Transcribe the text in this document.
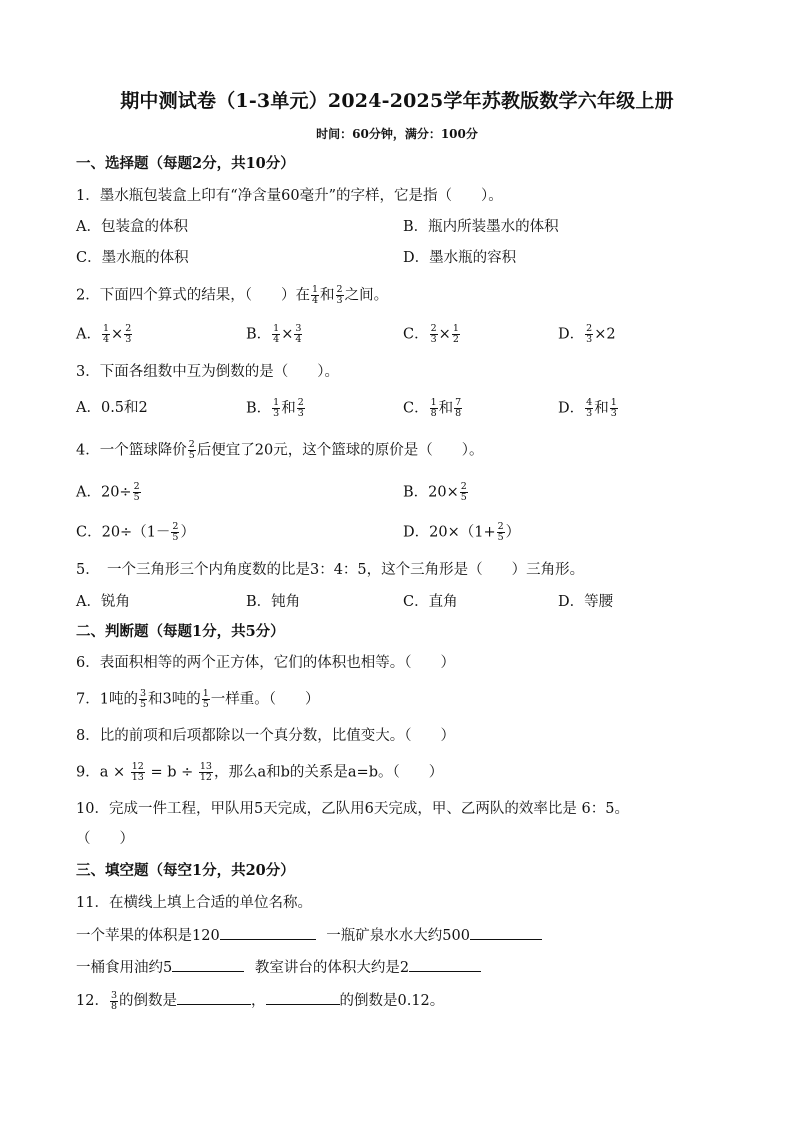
期中测试卷（1-3单元）2024-2025学年苏教版数学六年级上册
时间：60分钟，满分：100分
一、选择题（每题2分，共10分）
1．墨水瓶包装盒上印有“净含量60毫升”的字样，它是指（　　）。
A．包装盒的体积	B．瓶内所装墨水的体积
C．墨水瓶的体积	D．墨水瓶的容积
2．下面四个算式的结果，（　　）在 $\frac{1}{4}$ 和 $\frac{2}{3}$ 之间。
A． $\frac{1}{4} \times \frac{2}{3}$	B． $\frac{1}{4} \times \frac{3}{4}$	C． $\frac{2}{3} \times \frac{1}{2}$	D． $\frac{2}{3} \times 2$
3．下面各组数中互为倒数的是（　　）。
A．0.5和2	B． $\frac{1}{3}$ 和 $\frac{2}{3}$	C． $\frac{1}{8}$ 和 $\frac{7}{8}$	D． $\frac{4}{3}$ 和 $\frac{1}{3}$
4．一个篮球降价 $\frac{2}{5}$ 后便宜了20元，这个篮球的原价是（　　）。
A．$20\div \frac{2}{5}$	B．$20\times \frac{2}{5}$
C．$20\div(1- \frac{2}{5}$ ）	D．$20\times(1+ \frac{2}{5}$ ）
5．　一个三角形三个内角度数的比是3：4：5，这个三角形是（　　）三角形。
A．锐角	B．钝角	C．直角	D．等腰
二、判断题（每题1分，共5分）
6．表面积相等的两个正方体，它们的体积也相等。（　　）
7．1吨的 $\frac{3}{5}$ 和3吨的 $\frac{1}{5}$ 一样重。（　　）
8．比的前项和后项都除以一个真分数，比值变大。（　　）
9．$a \times \frac{12}{13} = b \div \frac{13}{12}$ ，那么a和b的关系是a=b。（　　）
10．完成一件工程，甲队用5天完成，乙队用6天完成，甲、乙两队的效率比是 6：5。
（　　）
三、填空题（每空1分，共20分）
11．在横线上填上合适的单位名称。
一个苹果的体积是120	一瓶矿泉水水大约500
一桶食用油约5	教室讲台的体积大约是2
12． $\frac{3}{8}$ 的倒数是	，	的倒数是0.12。
